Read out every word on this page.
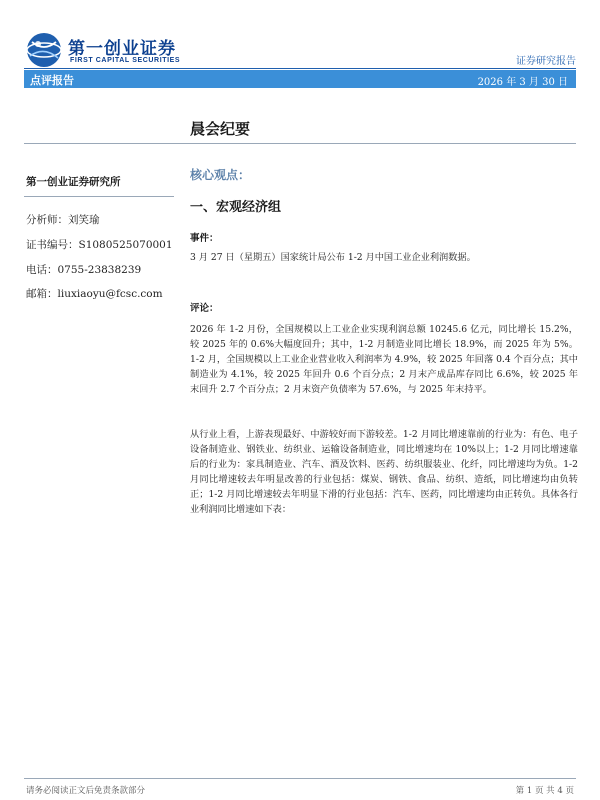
第一创业证券
FIRST CAPITAL SECURITIES	证券研究报告
点评报告	2026 年 3 月 30 日
晨会纪要
第一创业证券研究所
分析师：刘笑瑜
证书编号：S1080525070001
电话：0755-23838239
邮箱：liuxiaoyu@fcsc.com
核心观点：
一、宏观经济组
事件：
3 月 27 日（星期五）国家统计局公布 1-2 月中国工业企业利润数据。
评论：
2026 年 1-2 月份，全国规模以上工业企业实现利润总额 10245.6 亿元，同比增长 15.2%，较 2025 年的 0.6%大幅度回升；其中，1-2 月制造业同比增长 18.9%，而 2025 年为 5%。1-2 月，全国规模以上工业企业营业收入利润率为 4.9%，较 2025 年回落 0.4 个百分点；其中制造业为 4.1%，较 2025 年回升 0.6 个百分点；2 月末产成品库存同比 6.6%，较 2025 年末回升 2.7 个百分点；2 月末资产负债率为 57.6%，与 2025 年末持平。
从行业上看，上游表现最好、中游较好而下游较差。1-2 月同比增速靠前的行业为：有色、电子设备制造业、钢铁业、纺织业、运输设备制造业，同比增速均在 10%以上；1-2 月同比增速靠后的行业为：家具制造业、汽车、酒及饮料、医药、纺织服装业、化纤，同比增速均为负。1-2 月同比增速较去年明显改善的行业包括：煤炭、钢铁、食品、纺织、造纸，同比增速均由负转正；1-2 月同比增速较去年明显下滑的行业包括：汽车、医药，同比增速均由正转负。具体各行业利润同比增速如下表：
请务必阅读正文后免责条款部分	第 1 页 共 4 页
